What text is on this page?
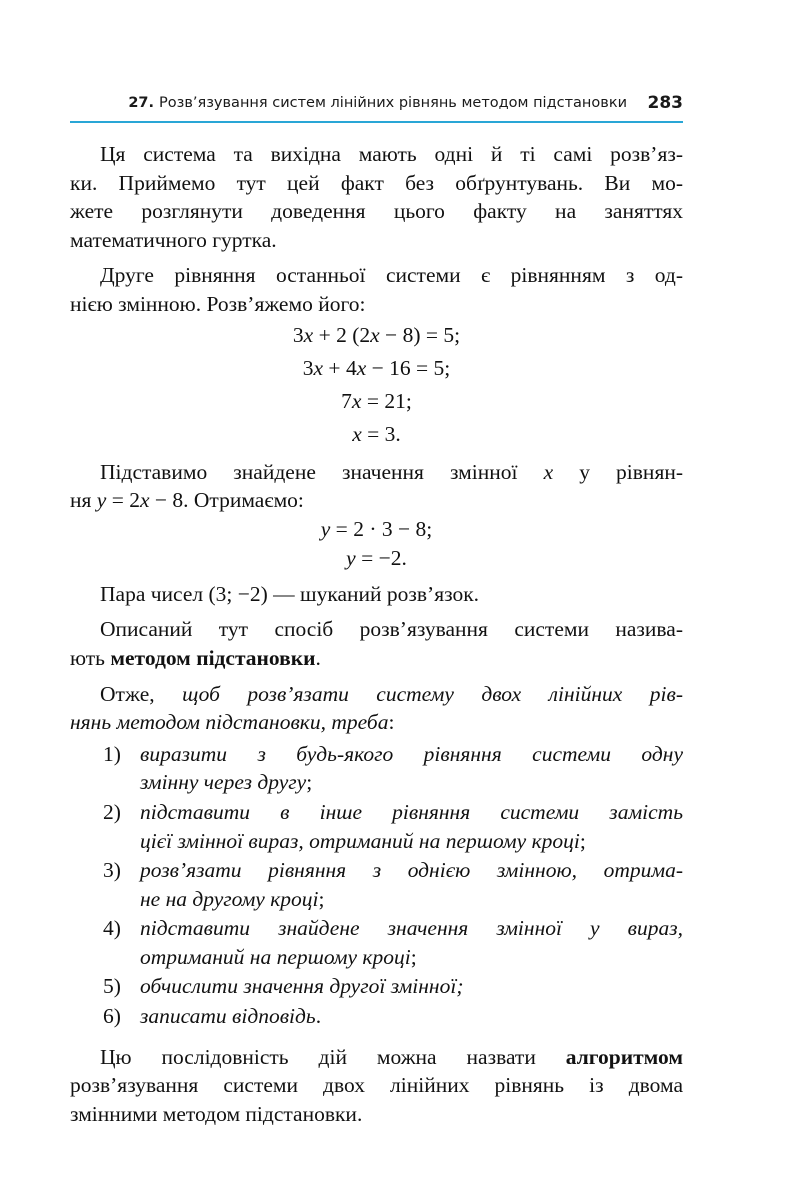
27. Розв’язування систем лінійних рівнянь методом підстановки 283

Ця система та вихідна мають одні й ті самі розв’яз-
ки. Приймемо тут цей факт без обґрунтувань. Ви мо-
жете розглянути доведення цього факту на заняттях
математичного гуртка.

Друге рівняння останньої системи є рівнянням з од-
нією змінною. Розв’яжемо його:

3x + 2 (2x − 8) = 5;
3x + 4x − 16 = 5;
7x = 21;
x = 3.

Підставимо знайдене значення змінної x у рівнян-
ня y = 2x − 8. Отримаємо:

y = 2 · 3 − 8;
y = −2.

Пара чисел (3; −2) — шуканий розв’язок.

Описаний тут спосіб розв’язування системи назива-
ють методом підстановки.

Отже, щоб розв’язати систему двох лінійних рів-
нянь методом підстановки, треба:

1) виразити з будь-якого рівняння системи одну
змінну через другу;
2) підставити в інше рівняння системи замість
цієї змінної вираз, отриманий на першому кроці;
3) розв’язати рівняння з однією змінною, отрима-
не на другому кроці;
4) підставити знайдене значення змінної у вираз,
отриманий на першому кроці;
5) обчислити значення другої змінної;
6) записати відповідь.

Цю послідовність дій можна назвати алгоритмом
розв’язування системи двох лінійних рівнянь із двома
змінними методом підстановки.
